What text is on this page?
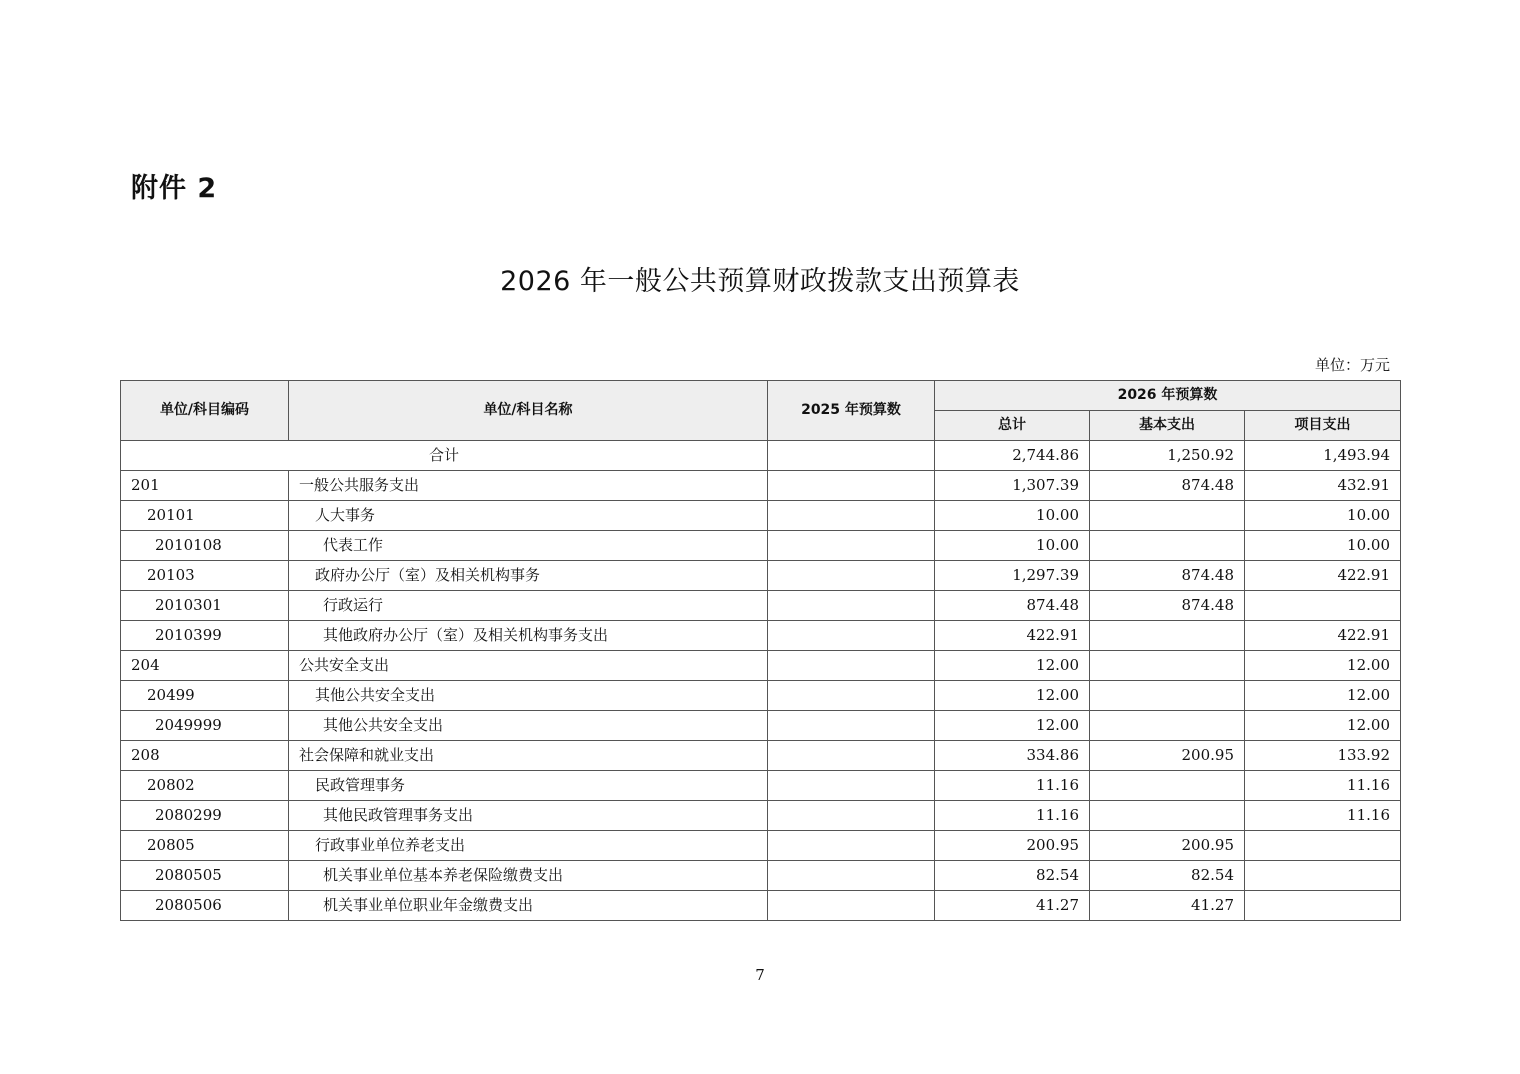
附件 2
2026 年一般公共预算财政拨款支出预算表
单位：万元
单位/科目编码	单位/科目名称	2025 年预算数	2026 年预算数		
			总计	基本支出	项目支出
合计			2,744.86	1,250.92	1,493.94
201	一般公共服务支出		1,307.39	874.48	432.91
20101	人大事务		10.00		10.00
2010108	代表工作		10.00		10.00
20103	政府办公厅（室）及相关机构事务		1,297.39	874.48	422.91
2010301	行政运行		874.48	874.48	
2010399	其他政府办公厅（室）及相关机构事务支出		422.91		422.91
204	公共安全支出		12.00		12.00
20499	其他公共安全支出		12.00		12.00
2049999	其他公共安全支出		12.00		12.00
208	社会保障和就业支出		334.86	200.95	133.92
20802	民政管理事务		11.16		11.16
2080299	其他民政管理事务支出		11.16		11.16
20805	行政事业单位养老支出		200.95	200.95	
2080505	机关事业单位基本养老保险缴费支出		82.54	82.54	
2080506	机关事业单位职业年金缴费支出		41.27	41.27	
7
